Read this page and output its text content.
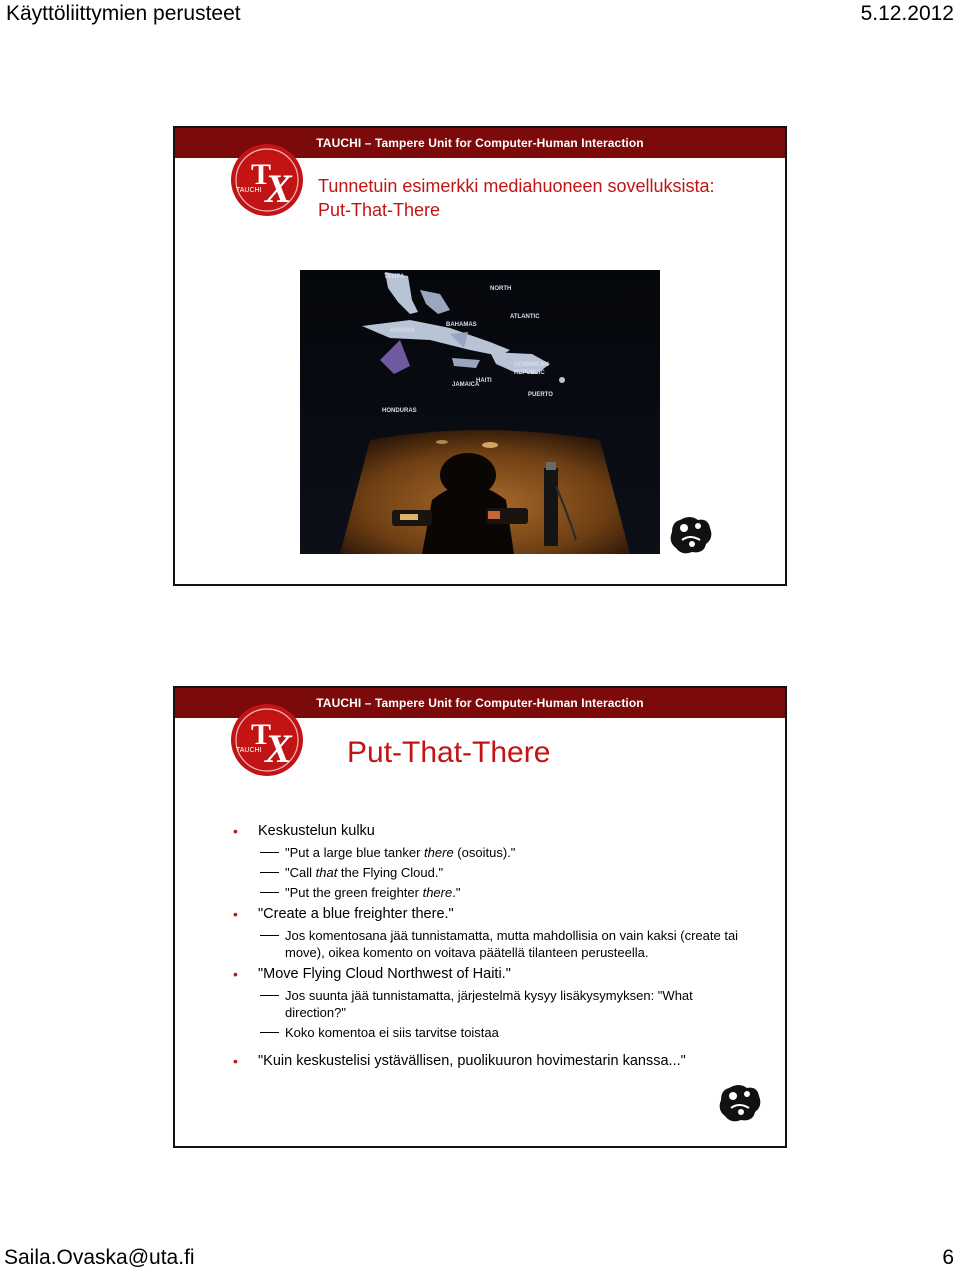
Käyttöliittymien perusteet	5.12.2012
TAUCHI – Tampere Unit for Computer-Human Interaction
T
X
TAUCHI	Tunnetuin esimerkki mediahuoneen sovelluksista:
Put-That-There
TAMPA
NORTH
HAVANA
BAHAMAS
ATLANTIC
DOMINICAN
REPUBLIC
JAMAICA
HAITI
PUERTO
HONDURAS
TAUCHI – Tampere Unit for Computer-Human Interaction
T
X
TAUCHI	Put-That-There
• Keskustelun kulku
"Put a large blue tanker there (osoitus)."
"Call that the Flying Cloud."
"Put the green freighter there."
• "Create a blue freighter there."
Jos komentosana jää tunnistamatta, mutta mahdollisia on vain kaksi (create tai move), oikea komento on voitava päätellä tilanteen perusteella.
• "Move Flying Cloud Northwest of Haiti."
Jos suunta jää tunnistamatta, järjestelmä kysyy lisäkysymyksen: "What direction?"
Koko komentoa ei siis tarvitse toistaa
• "Kuin keskustelisi ystävällisen, puolikuuron hovimestarin kanssa..."
Saila.Ovaska@uta.fi	6
